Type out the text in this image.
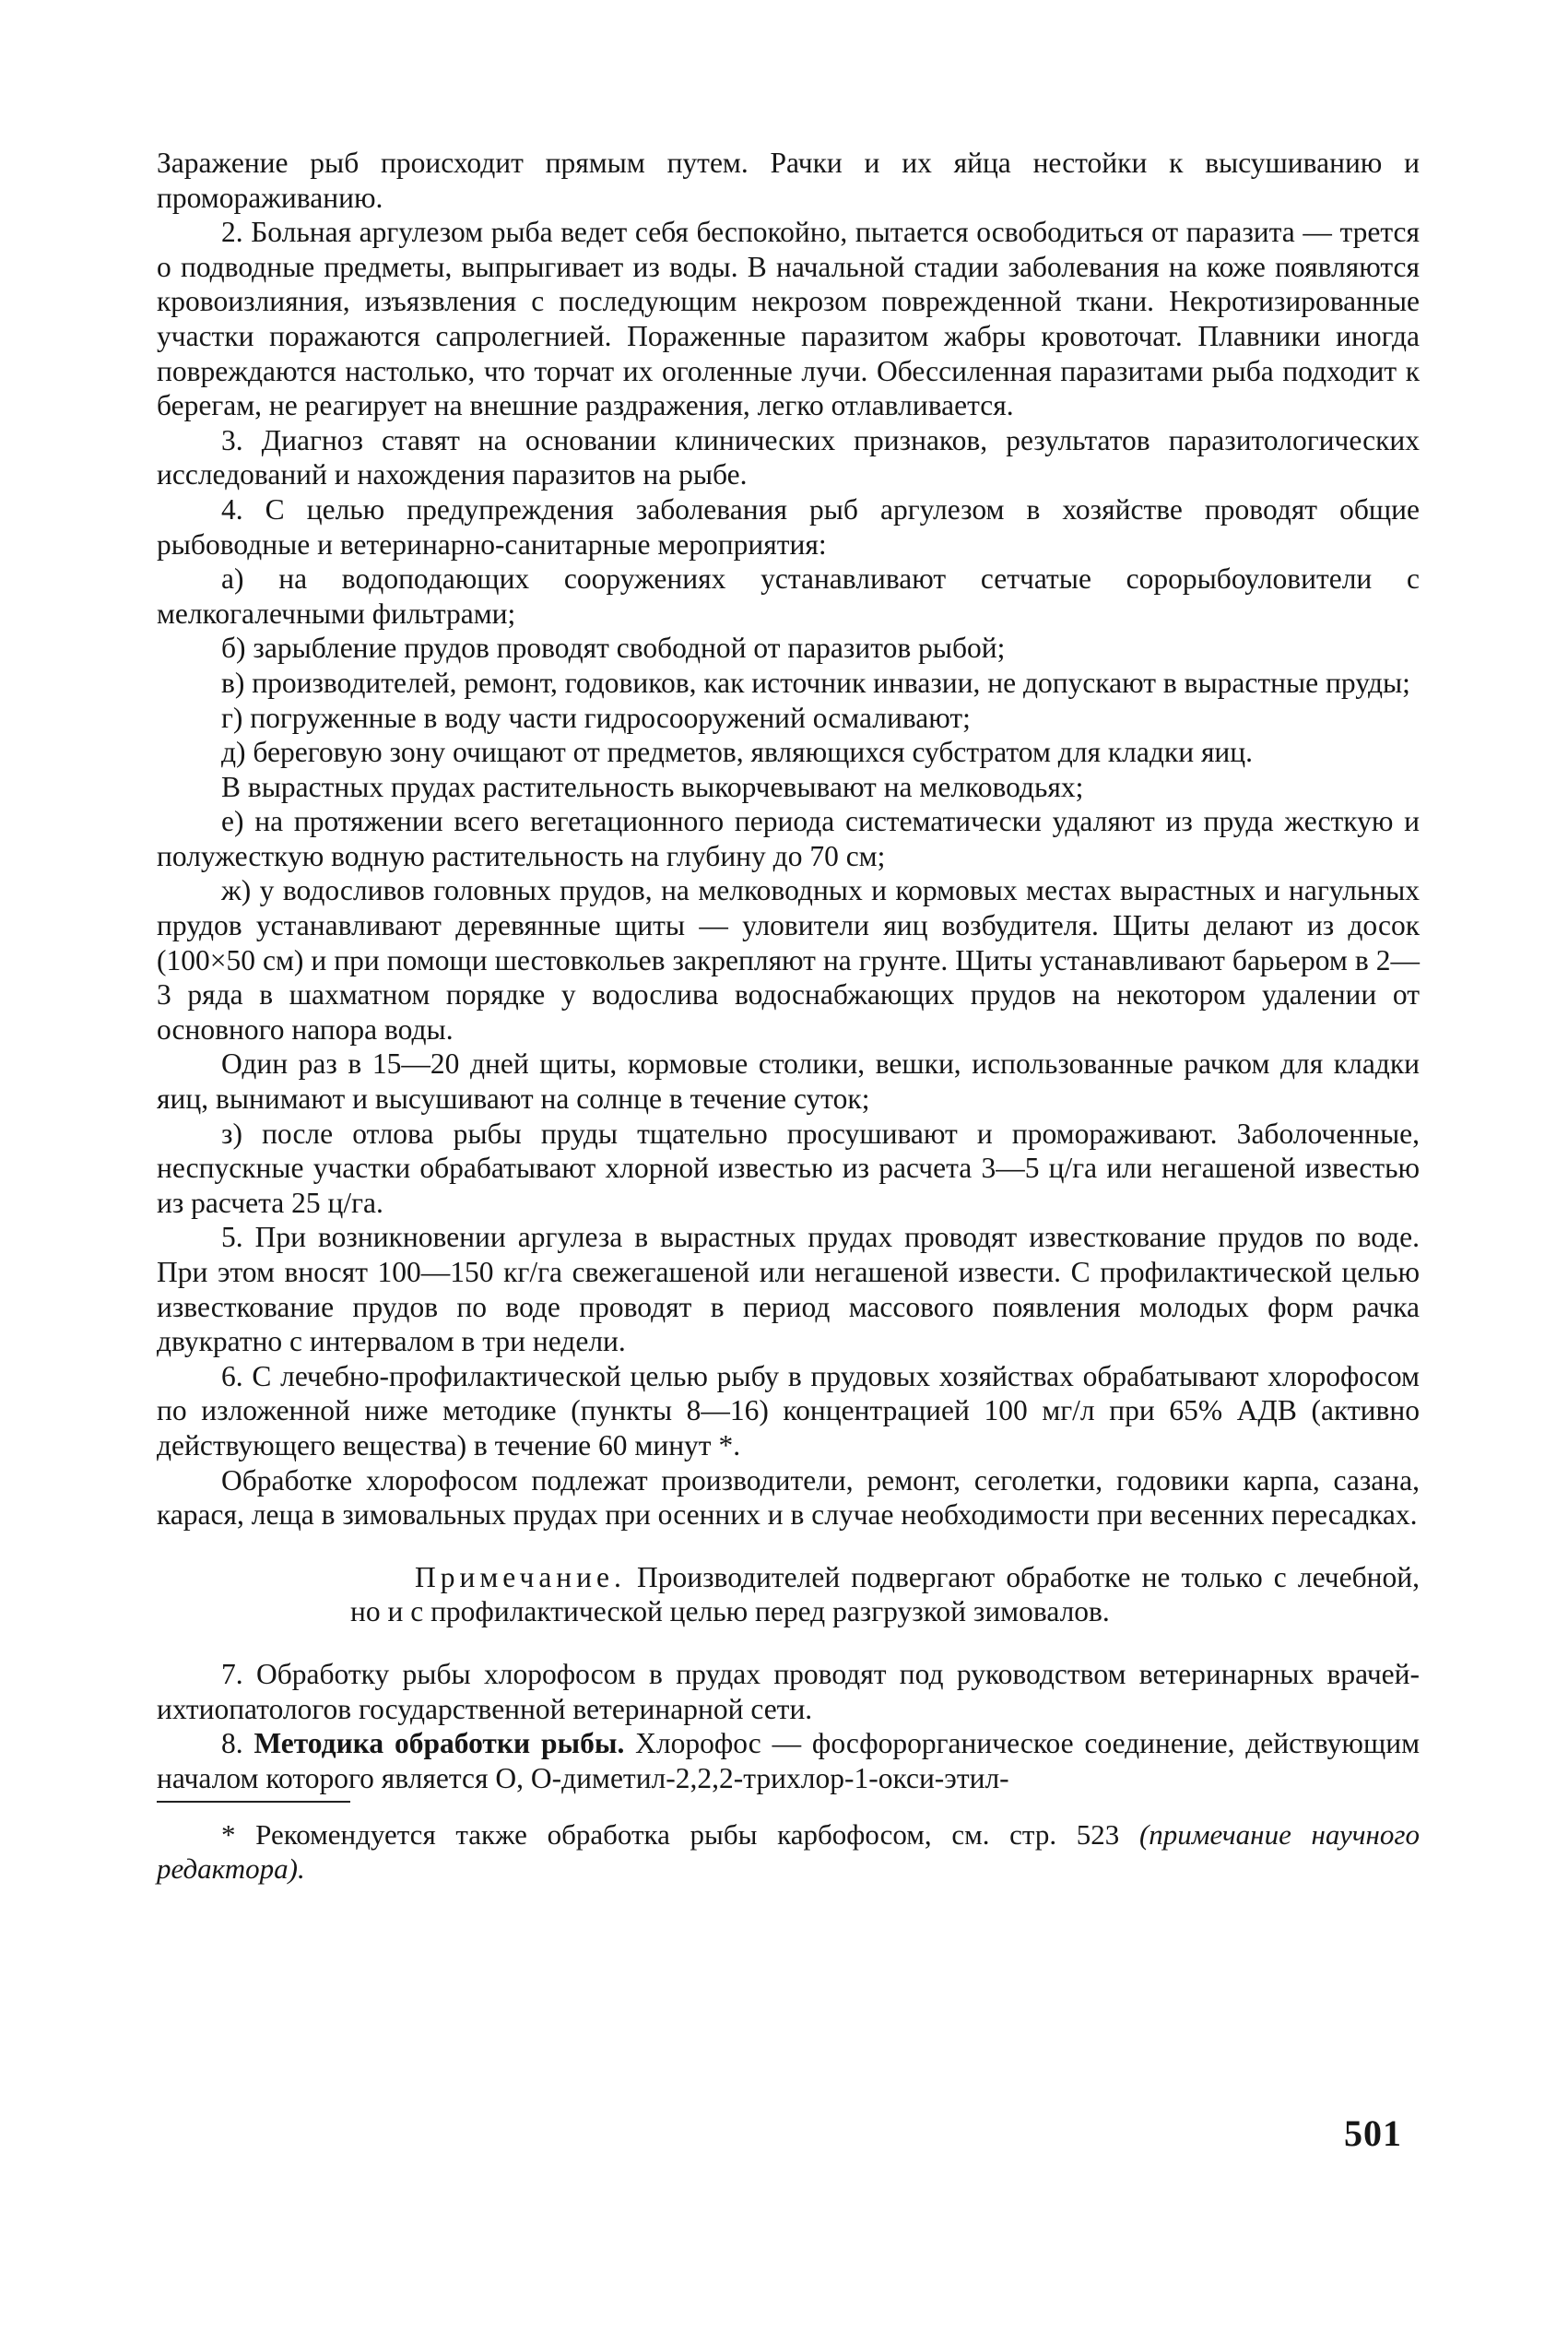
Заражение рыб происходит прямым путем. Рачки и их яйца нестойки к высушиванию и промораживанию.

2. Больная аргулезом рыба ведет себя беспокойно, пытается освободиться от паразита — трется о подводные предметы, выпрыгивает из воды. В начальной стадии заболевания на коже появляются кровоизлияния, изъязвления с последующим некрозом поврежденной ткани. Некротизированные участки поражаются сапролегнией. Пораженные паразитом жабры кровоточат. Плавники иногда повреждаются настолько, что торчат их оголенные лучи. Обессиленная паразитами рыба подходит к берегам, не реагирует на внешние раздражения, легко отлавливается.

3. Диагноз ставят на основании клинических признаков, результатов паразитологических исследований и нахождения паразитов на рыбе.

4. С целью предупреждения заболевания рыб аргулезом в хозяйстве проводят общие рыбоводные и ветеринарно-санитарные мероприятия:

а) на водоподающих сооружениях устанавливают сетчатые сорорыбоуловители с мелкогалечными фильтрами;

б) зарыбление прудов проводят свободной от паразитов рыбой;

в) производителей, ремонт, годовиков, как источник инвазии, не допускают в вырастные пруды;

г) погруженные в воду части гидросооружений осмаливают;

д) береговую зону очищают от предметов, являющихся субстратом для кладки яиц.

В вырастных прудах растительность выкорчевывают на мелководьях;

е) на протяжении всего вегетационного периода систематически удаляют из пруда жесткую и полужесткую водную растительность на глубину до 70 см;

ж) у водосливов головных прудов, на мелководных и кормовых местах вырастных и нагульных прудов устанавливают деревянные щиты — уловители яиц возбудителя. Щиты делают из досок (100×50 см) и при помощи шестовкольев закрепляют на грунте. Щиты устанавливают барьером в 2—3 ряда в шахматном порядке у водослива водоснабжающих прудов на некотором удалении от основного напора воды.

Один раз в 15—20 дней щиты, кормовые столики, вешки, использованные рачком для кладки яиц, вынимают и высушивают на солнце в течение суток;

з) после отлова рыбы пруды тщательно просушивают и промораживают. Заболоченные, неспускные участки обрабатывают хлорной известью из расчета 3—5 ц/га или негашеной известью из расчета 25 ц/га.

5. При возникновении аргулеза в вырастных прудах проводят известкование прудов по воде. При этом вносят 100—150 кг/га свежегашеной или негашеной извести. С профилактической целью известкование прудов по воде проводят в период массового появления молодых форм рачка двукратно с интервалом в три недели.

6. С лечебно-профилактической целью рыбу в прудовых хозяйствах обрабатывают хлорофосом по изложенной ниже методике (пункты 8—16) концентрацией 100 мг/л при 65% АДВ (активно действующего вещества) в течение 60 минут *.

Обработке хлорофосом подлежат производители, ремонт, сеголетки, годовики карпа, сазана, карася, леща в зимовальных прудах при осенних и в случае необходимости при весенних пересадках.

Примечание. Производителей подвергают обработке не только с лечебной, но и с профилактической целью перед разгрузкой зимовалов.

7. Обработку рыбы хлорофосом в прудах проводят под руководством ветеринарных врачей-ихтиопатологов государственной ветеринарной сети.

8. Методика обработки рыбы. Хлорофос — фосфорорганическое соединение, действующим началом которого является О, О-диметил-2,2,2-трихлор-1-окси-этил-

* Рекомендуется также обработка рыбы карбофосом, см. стр. 523 (примечание научного редактора).

501
